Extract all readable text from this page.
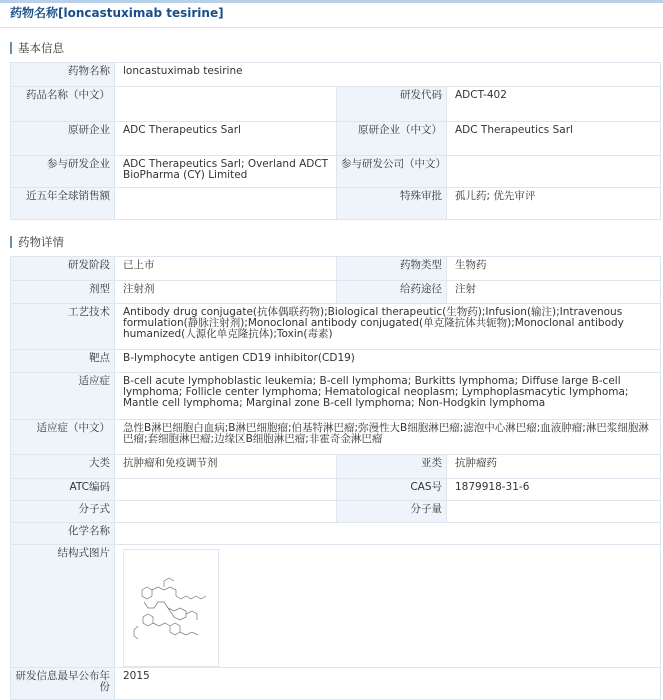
药物名称[loncastuximab tesirine]
基本信息
药物名称	loncastuximab tesirine		
药品名称（中文）		研发代码	ADCT-402
原研企业	ADC Therapeutics Sarl	原研企业（中文）	ADC Therapeutics Sarl
参与研发企业	ADC Therapeutics Sarl; Overland ADCT BioPharma (CY) Limited	参与研发公司（中文）	
近五年全球销售额		特殊审批	孤儿药; 优先审评
药物详情
研发阶段	已上市	药物类型	生物药
剂型	注射剂	给药途径	注射
工艺技术	Antibody drug conjugate(抗体偶联药物);Biological therapeutic(生物药);Infusion(输注);Intravenous formulation(静脉注射剂);Monoclonal antibody conjugated(单克隆抗体共轭物);Monoclonal antibody humanized(人源化单克隆抗体);Toxin(毒素)		
靶点	B-lymphocyte antigen CD19 inhibitor(CD19)		
适应症	B-cell acute lymphoblastic leukemia; B-cell lymphoma; Burkitts lymphoma; Diffuse large B-cell lymphoma; Follicle center lymphoma; Hematological neoplasm; Lymphoplasmacytic lymphoma; Mantle cell lymphoma; Marginal zone B-cell lymphoma; Non-Hodgkin lymphoma		
适应症（中文）	急性B淋巴细胞白血病;B淋巴细胞瘤;伯基特淋巴瘤;弥漫性大B细胞淋巴瘤;滤泡中心淋巴瘤;血液肿瘤;淋巴浆细胞淋巴瘤;套细胞淋巴瘤;边缘区B细胞淋巴瘤;非霍奇金淋巴瘤		
大类	抗肿瘤和免疫调节剂	亚类	抗肿瘤药
ATC编码		CAS号	1879918-31-6
分子式		分子量	
化学名称			
结构式图片	

研发信息最早公布年份	2015		
